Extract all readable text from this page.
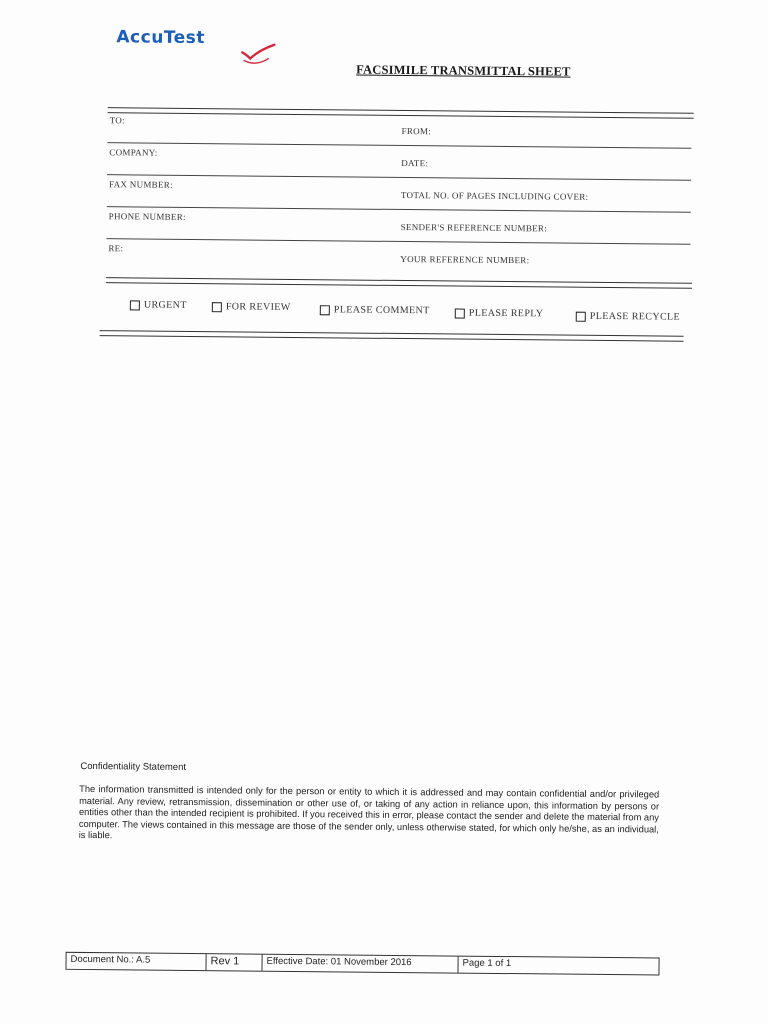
AccuTest
FACSIMILE TRANSMITTAL SHEET
TO:
FROM:
COMPANY:
DATE:
FAX NUMBER:
TOTAL NO. OF PAGES INCLUDING COVER:
PHONE NUMBER:
SENDER'S REFERENCE NUMBER:
RE:
YOUR REFERENCE NUMBER:
URGENT	FOR REVIEW	PLEASE COMMENT	PLEASE REPLY	PLEASE RECYCLE
Confidentiality Statement
The information transmitted is intended only for the person or entity to which it is addressed and may contain confidential and/or privileged material. Any review, retransmission, dissemination or other use of, or taking of any action in reliance upon, this information by persons or entities other than the intended recipient is prohibited. If you received this in error, please contact the sender and delete the material from any computer. The views contained in this message are those of the sender only, unless otherwise stated, for which only he/she, as an individual, is liable.
Document No.: A.5	Rev 1	Effective Date: 01 November 2016	Page 1 of 1
